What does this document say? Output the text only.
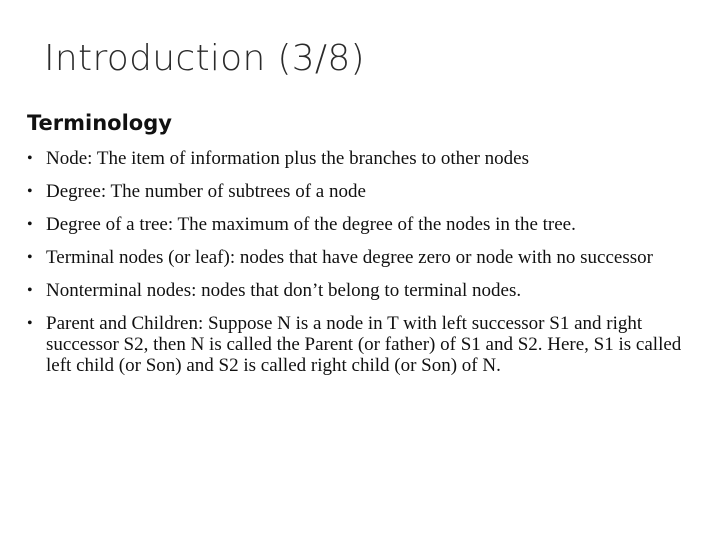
Introduction (3/8)
Terminology
• Node: The item of information plus the branches to other nodes
• Degree: The number of subtrees of a node
• Degree of a tree: The maximum of the degree of the nodes in the tree.
• Terminal nodes (or leaf): nodes that have degree zero or node with no successor
• Nonterminal nodes: nodes that don’t belong to terminal nodes.
• Parent and Children: Suppose N is a node in T with left successor S1 and right successor S2, then N is called the Parent (or father) of S1 and S2. Here, S1 is called left child (or Son) and S2 is called right child (or Son) of N.
